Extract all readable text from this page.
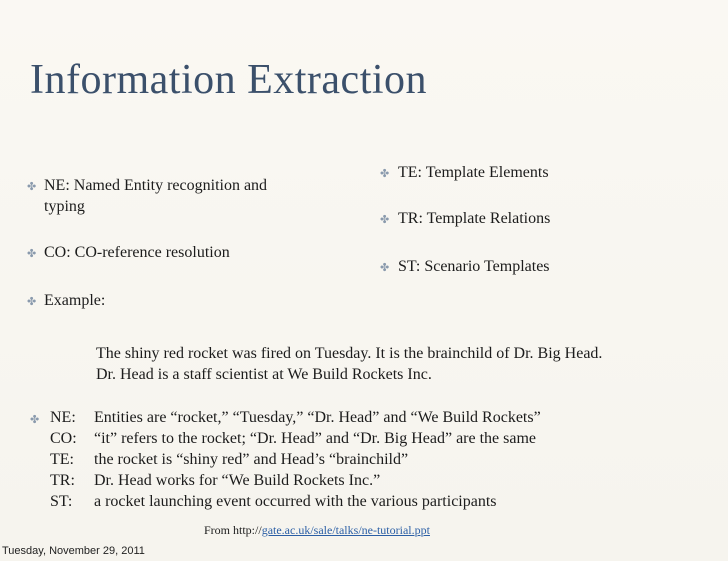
Information Extraction
✤ NE: Named Entity recognition and
typing
✤ CO: CO-reference resolution
✤ Example:
✤ TE: Template Elements
✤ TR: Template Relations
✤ ST: Scenario Templates
The shiny red rocket was fired on Tuesday. It is the brainchild of Dr. Big Head.
Dr. Head is a staff scientist at We Build Rockets Inc.
✤ NE: Entities are “rocket,” “Tuesday,” “Dr. Head” and “We Build Rockets”
CO: “it” refers to the rocket; “Dr. Head” and “Dr. Big Head” are the same
TE: the rocket is “shiny red” and Head’s “brainchild”
TR: Dr. Head works for “We Build Rockets Inc.”
ST: a rocket launching event occurred with the various participants
From http://gate.ac.uk/sale/talks/ne-tutorial.ppt
Tuesday, November 29, 2011
